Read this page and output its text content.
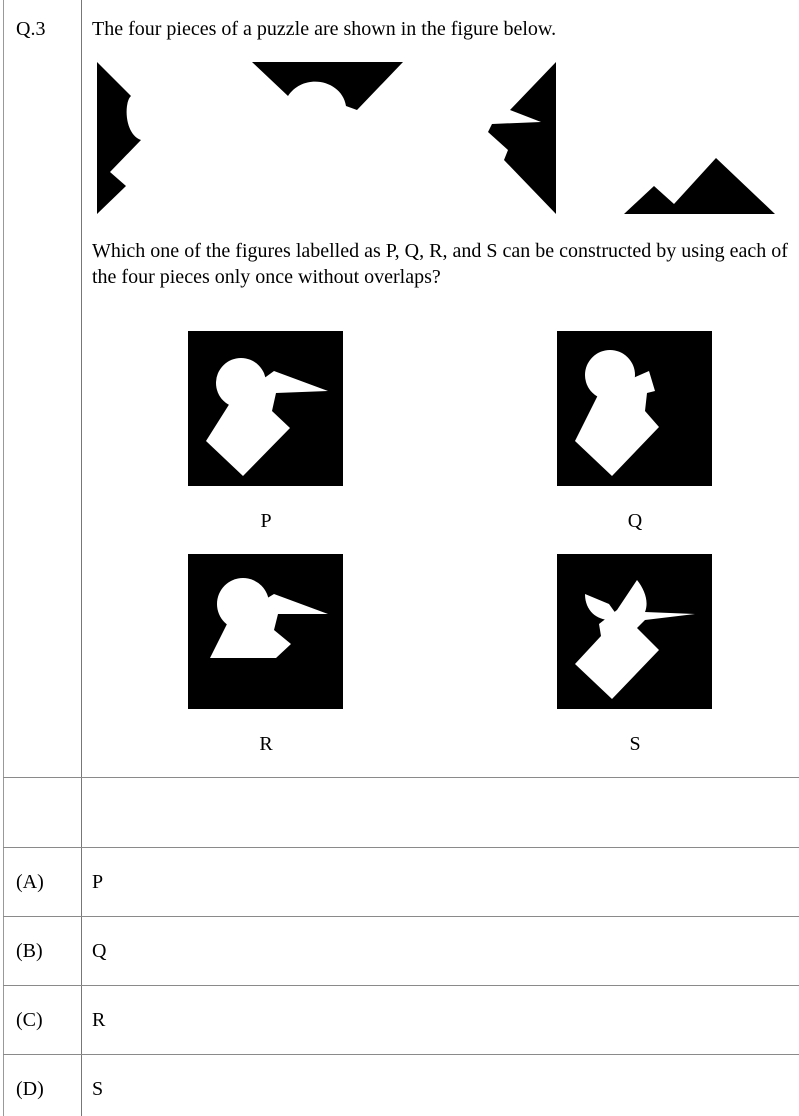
Q.3 The four pieces of a puzzle are shown in the figure below.
Which one of the figures labelled as P, Q, R, and S can be constructed by using each of the four pieces only once without overlaps?
P	Q
R	S
(A) P
(B) Q
(C) R
(D) S
